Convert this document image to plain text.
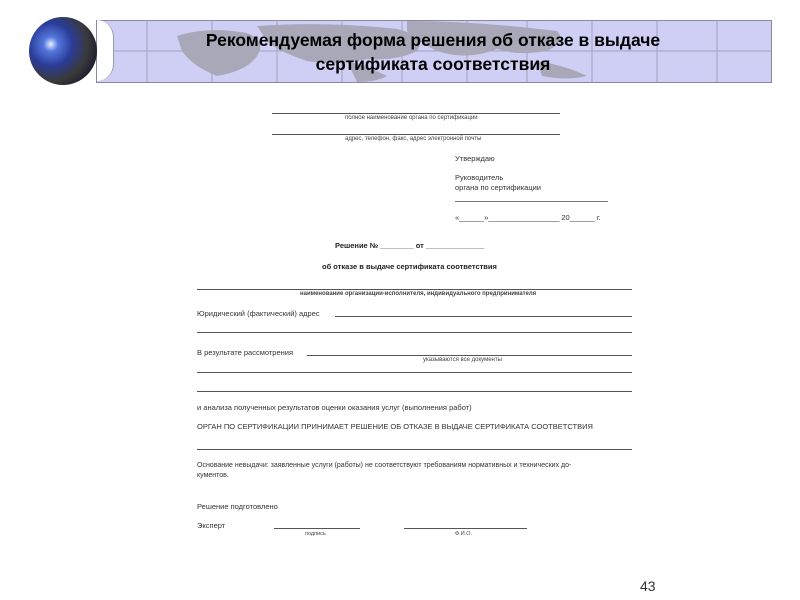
Рекомендуемая форма решения об отказе в выдаче
сертификата соответствия
полное наименование органа по сертификации
адрес, телефон, факс, адрес электронной почты
Утверждаю
Руководитель
органа по сертификации
«______»_________________ 20______ г.
Решение № ________ от ______________
об отказе в выдаче сертификата соответствия
наименование организации-исполнителя, индивидуального предпринимателя
Юридический (фактический) адрес
В результате рассмотрения
указываются все документы
и анализа полученных результатов оценки оказания услуг (выполнения работ)
ОРГАН ПО СЕРТИФИКАЦИИ ПРИНИМАЕТ РЕШЕНИЕ ОБ ОТКАЗЕ В ВЫДАЧЕ СЕРТИФИКАТА СООТВЕТСТВИЯ
Основание невыдачи: заявленные услуги (работы) не соответствуют требованиям нормативных и технических до-
кументов.
Решение подготовлено
Эксперт
подпись	Ф.И.О.
43
